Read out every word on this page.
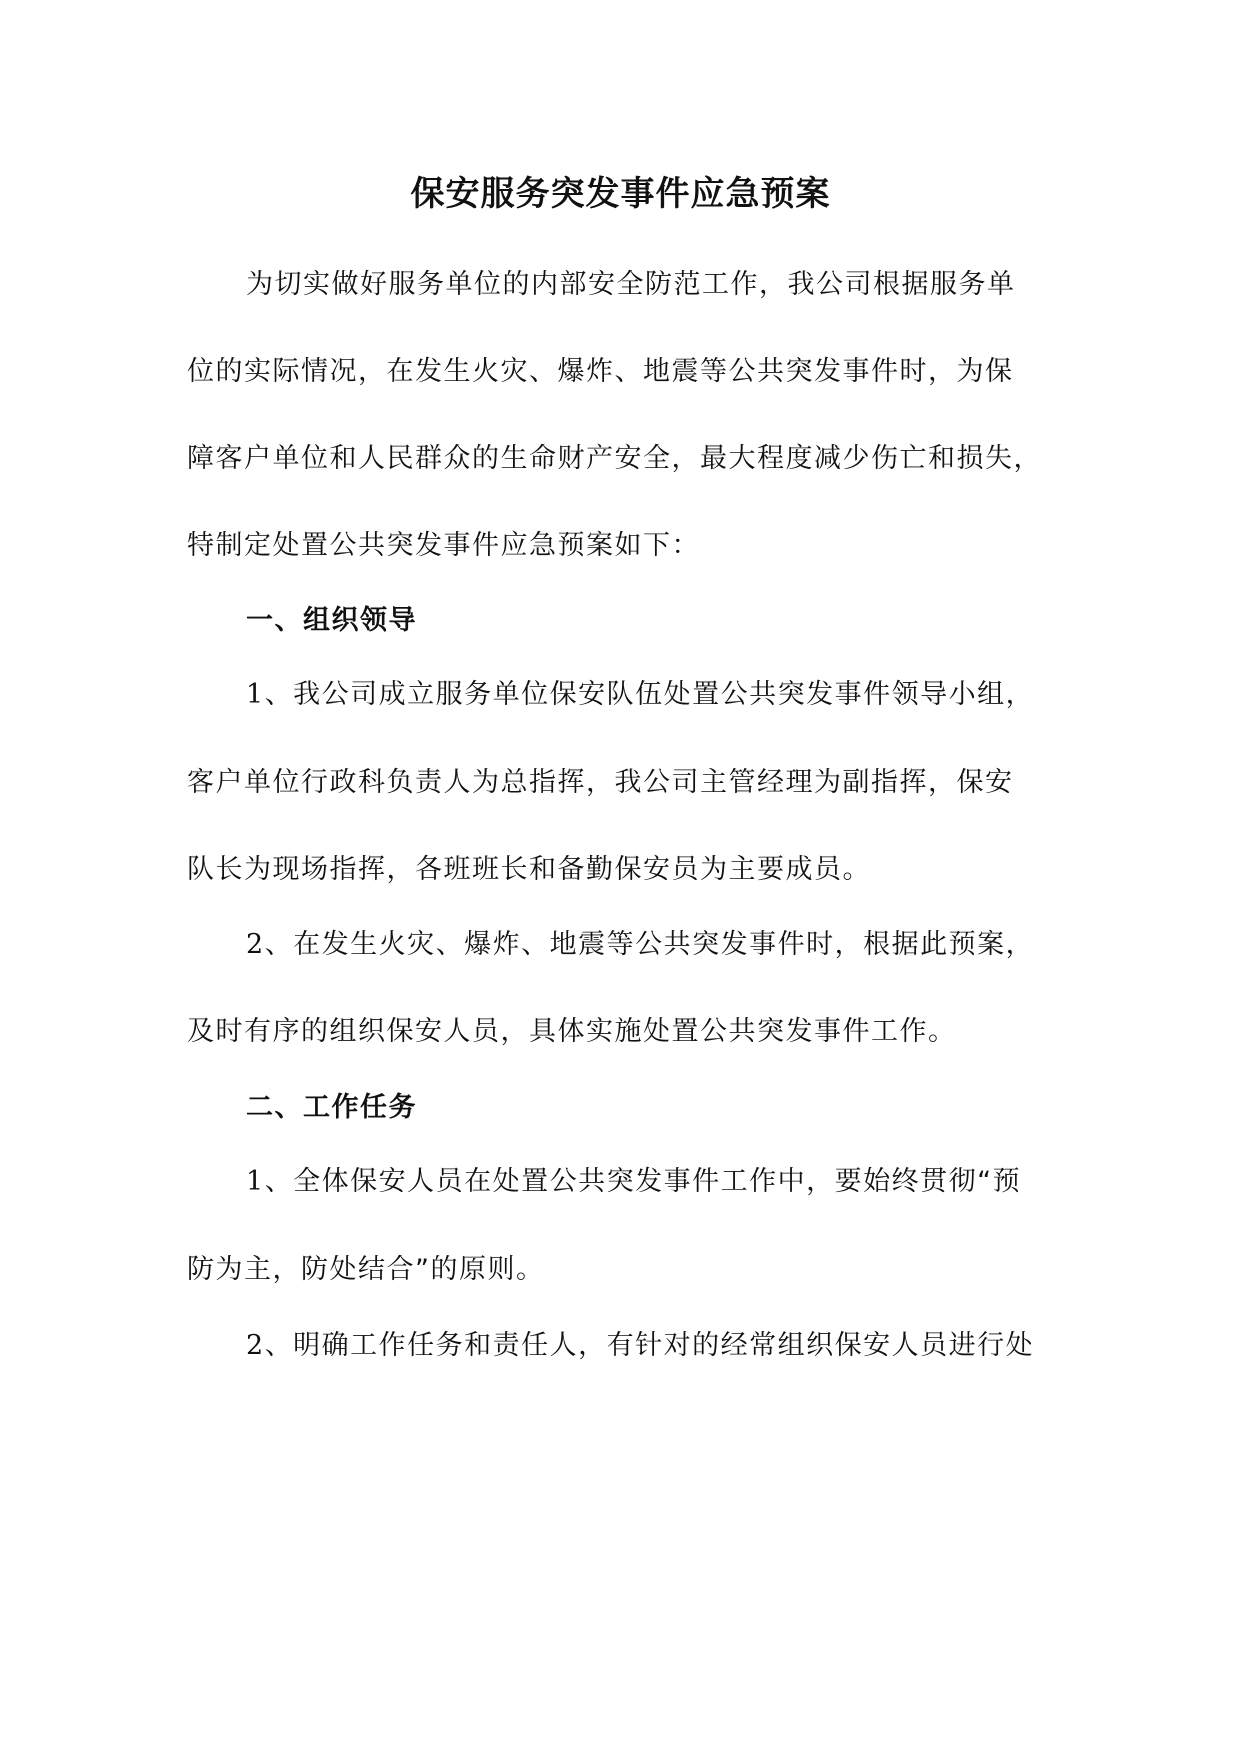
保安服务突发事件应急预案
为切实做好服务单位的内部安全防范工作，我公司根据服务单
位的实际情况，在发生火灾、爆炸、地震等公共突发事件时，为保
障客户单位和人民群众的生命财产安全，最大程度减少伤亡和损失，
特制定处置公共突发事件应急预案如下：
一、组织领导
1、我公司成立服务单位保安队伍处置公共突发事件领导小组，
客户单位行政科负责人为总指挥，我公司主管经理为副指挥，保安
队长为现场指挥，各班班长和备勤保安员为主要成员。
2、在发生火灾、爆炸、地震等公共突发事件时，根据此预案，
及时有序的组织保安人员，具体实施处置公共突发事件工作。
二、工作任务
1、全体保安人员在处置公共突发事件工作中，要始终贯彻“预
防为主，防处结合”的原则。
2、明确工作任务和责任人，有针对的经常组织保安人员进行处
